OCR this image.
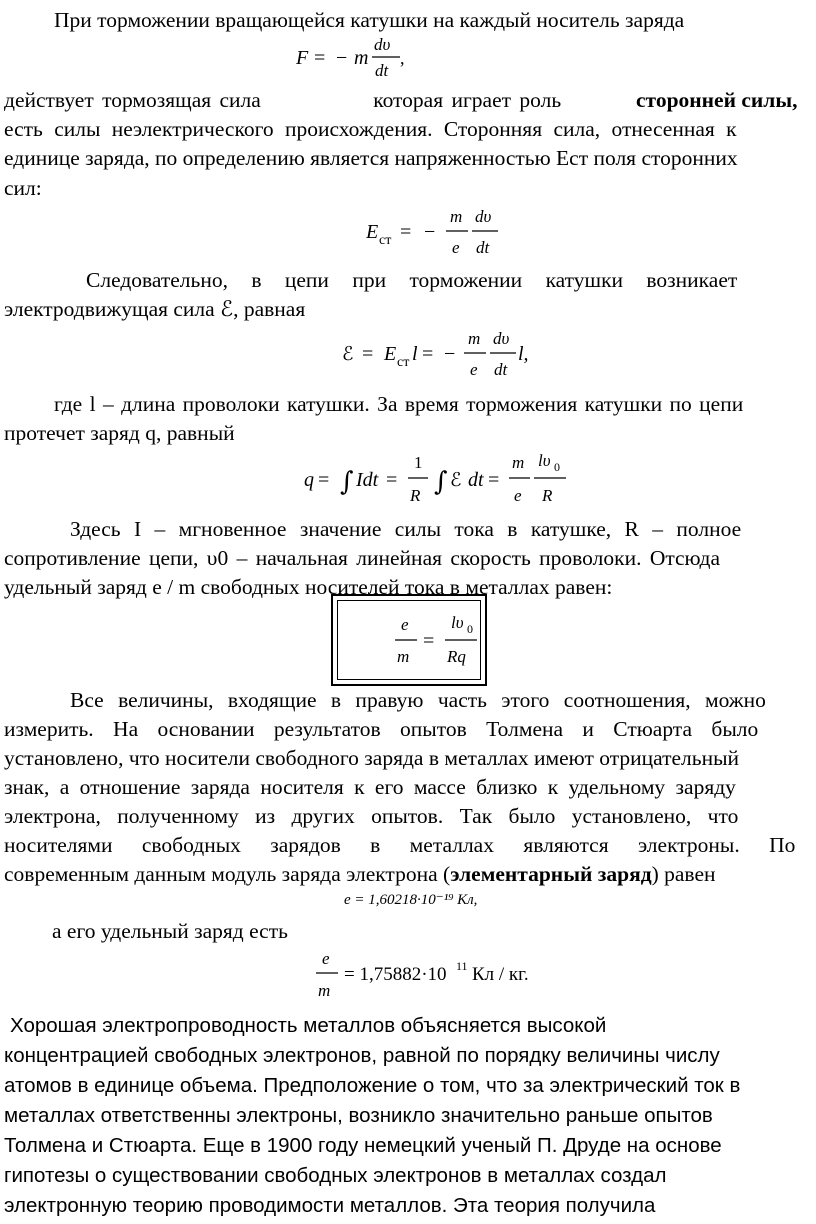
При торможении вращающейся катушки на каждый носитель заряда
F = − m
dυ
dt
,
действует тормозящая сила	которая играет роль	сторонней силы,
есть силы неэлектрического происхождения. Сторонняя сила, отнесенная к
единице заряда, по определению является напряженностью Ест поля сторонних
сил:
E ст = −
m
e
dυ
dt
Следовательно, в цепи при торможении катушки возникает
электродвижущая сила ℰ, равная
ℰ = E ст l = −
m
e
dυ
dt
l,
где l – длина проволоки катушки. За время торможения катушки по цепи
протечет заряд q, равный
q = ∫ Idt =
1
R ∫ ℰ dt =
m
e
lυ 0
R
Здесь I – мгновенное значение силы тока в катушке, R – полное
сопротивление цепи, υ0 – начальная линейная скорость проволоки. Отсюда
удельный заряд e / m свободных носителей тока в металлах равен:
e
m
=
lυ 0
Rq
Все величины, входящие в правую часть этого соотношения, можно
измерить. На основании результатов опытов Толмена и Стюарта было
установлено, что носители свободного заряда в металлах имеют отрицательный
знак, а отношение заряда носителя к его массе близко к удельному заряду
электрона, полученному из других опытов. Так было установлено, что
носителями свободных зарядов в металлах являются электроны. По
современным данным модуль заряда электрона (элементарный заряд) равен
e = 1,60218·10⁻¹⁹ Кл,
а его удельный заряд есть
e
m
= 1,75882·10 11 Кл / кг.
Хорошая электропроводность металлов объясняется высокой
концентрацией свободных электронов, равной по порядку величины числу
атомов в единице объема. Предположение о том, что за электрический ток в
металлах ответственны электроны, возникло значительно раньше опытов
Толмена и Стюарта. Еще в 1900 году немецкий ученый П. Друде на основе
гипотезы о существовании свободных электронов в металлах создал
электронную теорию проводимости металлов. Эта теория получила
